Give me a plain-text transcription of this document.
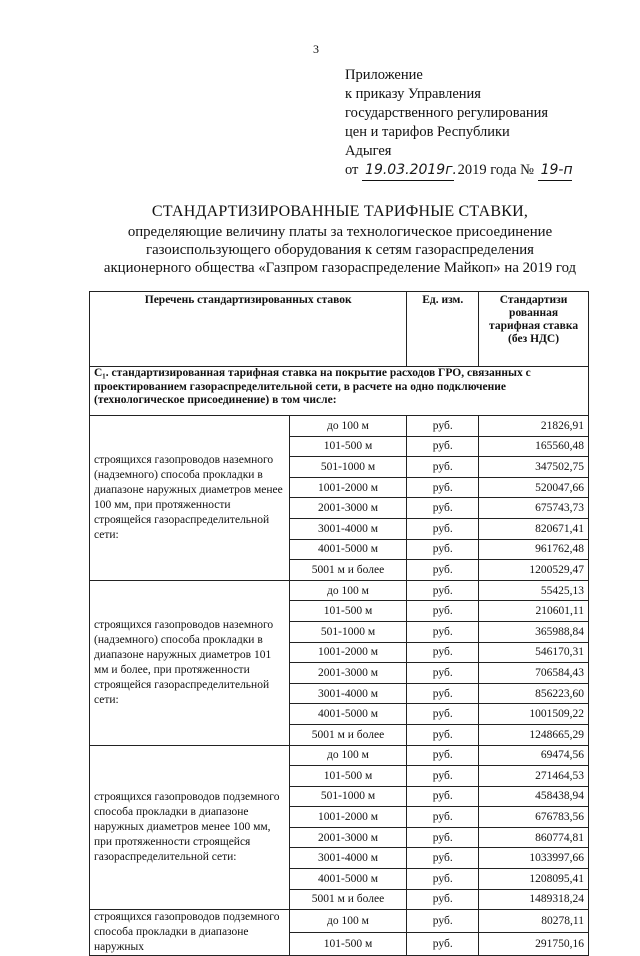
3
Приложение
к приказу Управления
государственного регулирования
цен и тарифов Республики
Адыгея
от 19.03.2019г. 2019 года № 19-п
СТАНДАРТИЗИРОВАННЫЕ ТАРИФНЫЕ СТАВКИ,
определяющие величину платы за технологическое присоединение
газоиспользующего оборудования к сетям газораспределения
акционерного общества «Газпром газораспределение Майкоп» на 2019 год
Перечень стандартизированных ставок		Ед. изм.	Стандартизи рованная тарифная ставка (без НДС)
C₁. стандартизированная тарифная ставка на покрытие расходов ГРО, связанных с проектированием газораспределительной сети, в расчете на одно подключение (технологическое присоединение) в том числе:			
строящихся газопроводов наземного (надземного) способа прокладки в диапазоне наружных диаметров менее 100 мм, при протяженности строящейся газораспределительной сети:	до 100 м	руб.	21826,91
	101-500 м	руб.	165560,48
	501-1000 м	руб.	347502,75
	1001-2000 м	руб.	520047,66
	2001-3000 м	руб.	675743,73
	3001-4000 м	руб.	820671,41
	4001-5000 м	руб.	961762,48
	5001 м и более	руб.	1200529,47
строящихся газопроводов наземного (надземного) способа прокладки в диапазоне наружных диаметров 101 мм и более, при протяженности строящейся газораспределительной сети:	до 100 м	руб.	55425,13
	101-500 м	руб.	210601,11
	501-1000 м	руб.	365988,84
	1001-2000 м	руб.	546170,31
	2001-3000 м	руб.	706584,43
	3001-4000 м	руб.	856223,60
	4001-5000 м	руб.	1001509,22
	5001 м и более	руб.	1248665,29
строящихся газопроводов подземного способа прокладки в диапазоне наружных диаметров менее 100 мм, при протяженности строящейся газораспределительной сети:	до 100 м	руб.	69474,56
	101-500 м	руб.	271464,53
	501-1000 м	руб.	458438,94
	1001-2000 м	руб.	676783,56
	2001-3000 м	руб.	860774,81
	3001-4000 м	руб.	1033997,66
	4001-5000 м	руб.	1208095,41
	5001 м и более	руб.	1489318,24
строящихся газопроводов подземного способа прокладки в диапазоне наружных	до 100 м	руб.	80278,11
	101-500 м	руб.	291750,16
